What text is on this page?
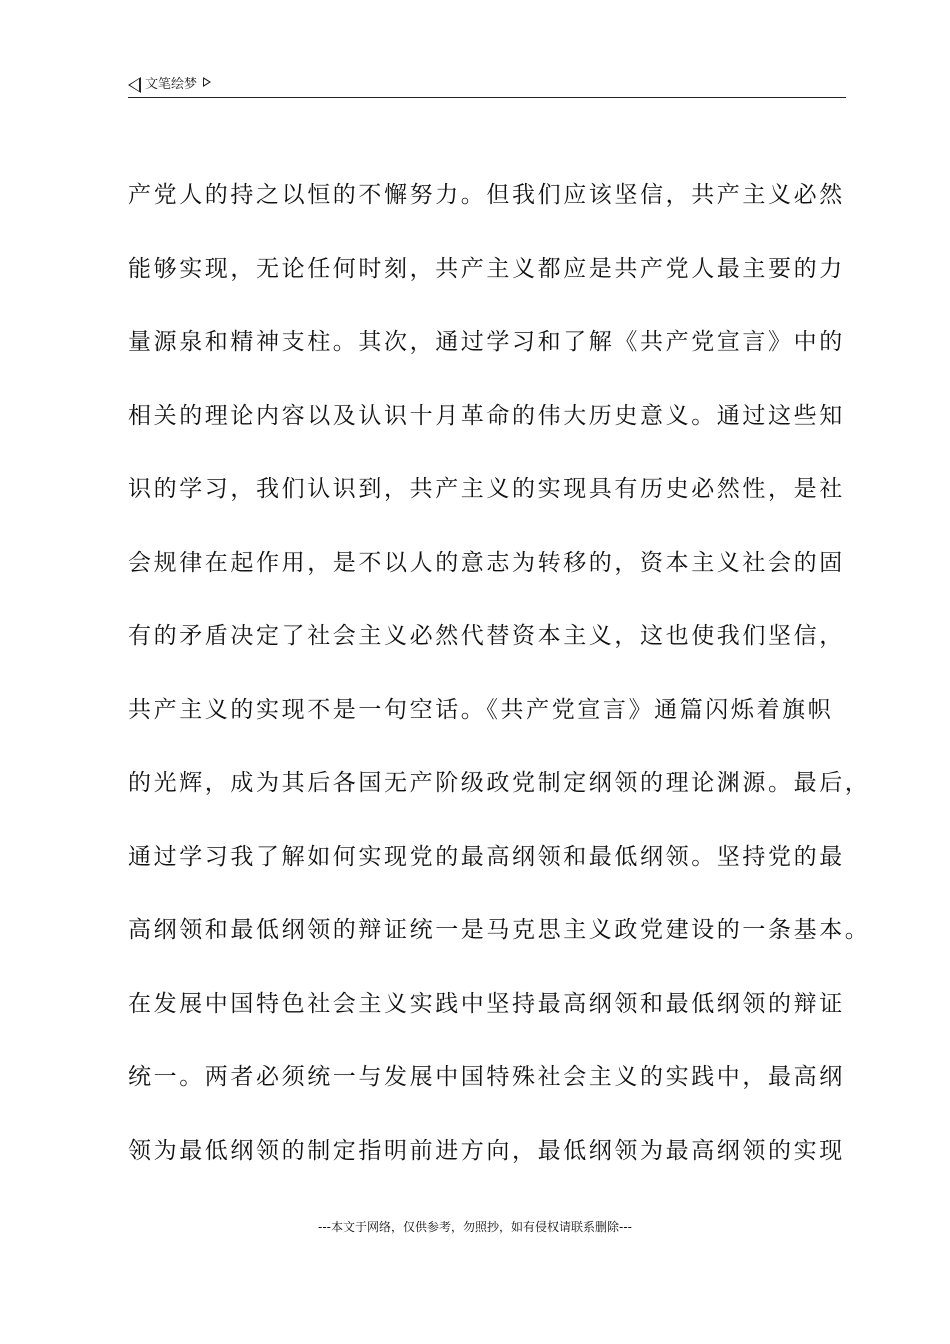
文笔绘梦
产党人的持之以恒的不懈努力。但我们应该坚信，共产主义必然
能够实现，无论任何时刻，共产主义都应是共产党人最主要的力
量源泉和精神支柱。其次，通过学习和了解《共产党宣言》中的
相关的理论内容以及认识十月革命的伟大历史意义。通过这些知
识的学习，我们认识到，共产主义的实现具有历史必然性，是社
会规律在起作用，是不以人的意志为转移的，资本主义社会的固
有的矛盾决定了社会主义必然代替资本主义，这也使我们坚信，
共产主义的实现不是一句空话。《共产党宣言》通篇闪烁着旗帜
的光辉，成为其后各国无产阶级政党制定纲领的理论渊源。最后，
通过学习我了解如何实现党的最高纲领和最低纲领。坚持党的最
高纲领和最低纲领的辩证统一是马克思主义政党建设的一条基本。
在发展中国特色社会主义实践中坚持最高纲领和最低纲领的辩证
统一。两者必须统一与发展中国特殊社会主义的实践中，最高纲
领为最低纲领的制定指明前进方向，最低纲领为最高纲领的实现
---本文于网络，仅供参考，勿照抄，如有侵权请联系删除---
